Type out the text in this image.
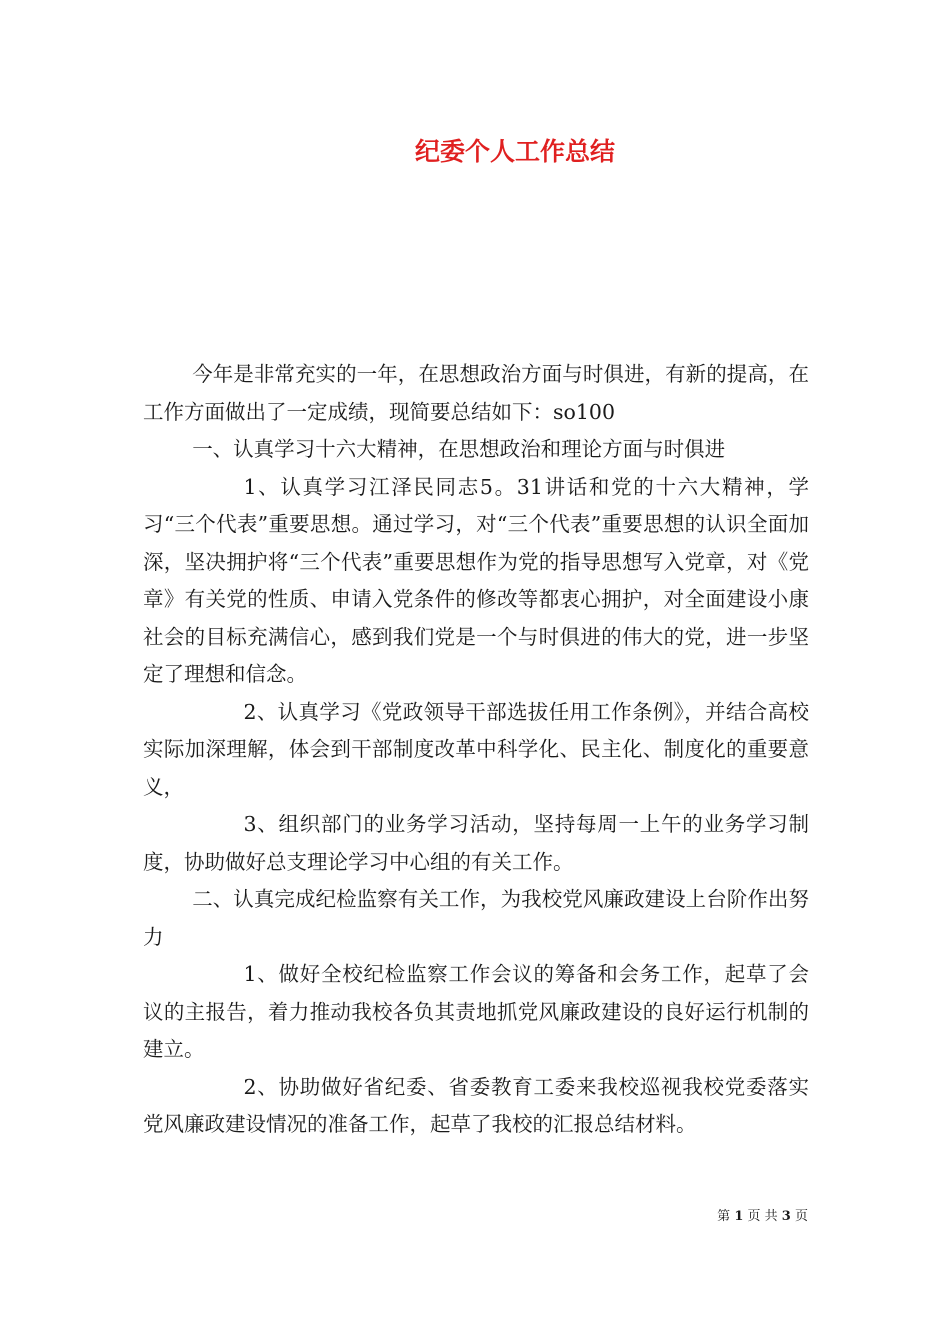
纪委个人工作总结

今年是非常充实的一年，在思想政治方面与时俱进，有新的提高，在工作方面做出了一定成绩，现简要总结如下：so100

一、认真学习十六大精神，在思想政治和理论方面与时俱进

1、认真学习江泽民同志5。31讲话和党的十六大精神，学习“三个代表”重要思想。通过学习，对“三个代表”重要思想的认识全面加深，坚决拥护将“三个代表”重要思想作为党的指导思想写入党章，对《党章》有关党的性质、申请入党条件的修改等都衷心拥护，对全面建设小康社会的目标充满信心，感到我们党是一个与时俱进的伟大的党，进一步坚定了理想和信念。

2、认真学习《党政领导干部选拔任用工作条例》，并结合高校实际加深理解，体会到干部制度改革中科学化、民主化、制度化的重要意义，

3、组织部门的业务学习活动，坚持每周一上午的业务学习制度，协助做好总支理论学习中心组的有关工作。

二、认真完成纪检监察有关工作，为我校党风廉政建设上台阶作出努力

1、做好全校纪检监察工作会议的筹备和会务工作，起草了会议的主报告，着力推动我校各负其责地抓党风廉政建设的良好运行机制的建立。

2、协助做好省纪委、省委教育工委来我校巡视我校党委落实党风廉政建设情况的准备工作，起草了我校的汇报总结材料。

第 1 页 共 3 页
